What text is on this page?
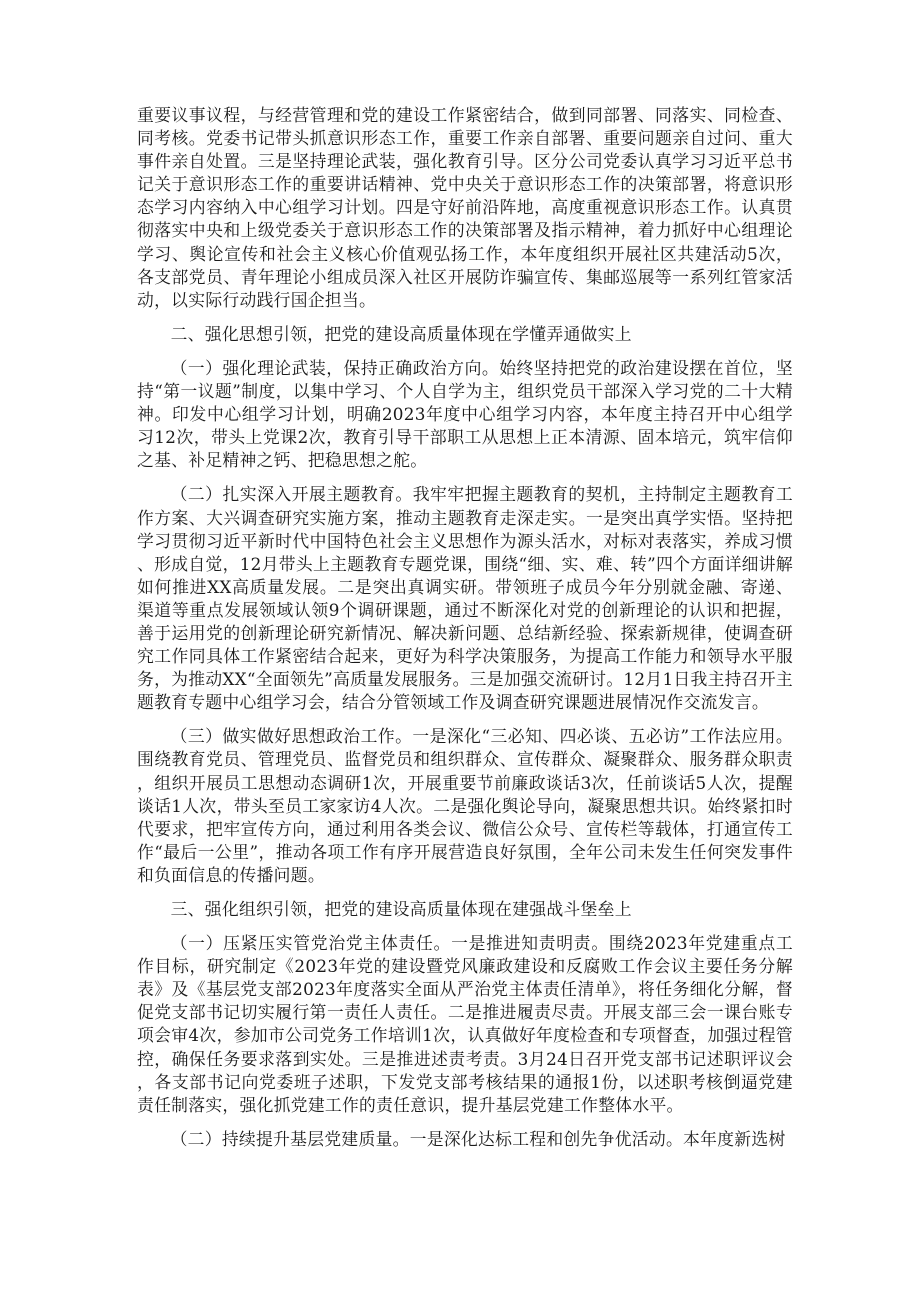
重要议事议程，与经营管理和党的建设工作紧密结合，做到同部署、同落实、同检查、同考核。党委书记带头抓意识形态工作，重要工作亲自部署、重要问题亲自过问、重大事件亲自处置。三是坚持理论武装，强化教育引导。区分公司党委认真学习习近平总书记关于意识形态工作的重要讲话精神、党中央关于意识形态工作的决策部署，将意识形态学习内容纳入中心组学习计划。四是守好前沿阵地，高度重视意识形态工作。认真贯彻落实中央和上级党委关于意识形态工作的决策部署及指示精神，着力抓好中心组理论学习、舆论宣传和社会主义核心价值观弘扬工作，本年度组织开展社区共建活动5次，各支部党员、青年理论小组成员深入社区开展防诈骗宣传、集邮巡展等一系列红管家活动，以实际行动践行国企担当。

二、强化思想引领，把党的建设高质量体现在学懂弄通做实上

（一）强化理论武装，保持正确政治方向。始终坚持把党的政治建设摆在首位，坚持“第一议题”制度，以集中学习、个人自学为主，组织党员干部深入学习党的二十大精神。印发中心组学习计划，明确2023年度中心组学习内容，本年度主持召开中心组学习12次，带头上党课2次，教育引导干部职工从思想上正本清源、固本培元，筑牢信仰之基、补足精神之钙、把稳思想之舵。

（二）扎实深入开展主题教育。我牢牢把握主题教育的契机，主持制定主题教育工作方案、大兴调查研究实施方案，推动主题教育走深走实。一是突出真学实悟。坚持把学习贯彻习近平新时代中国特色社会主义思想作为源头活水，对标对表落实，养成习惯、形成自觉，12月带头上主题教育专题党课，围绕“细、实、难、转”四个方面详细讲解如何推进XX高质量发展。二是突出真调实研。带领班子成员今年分别就金融、寄递、渠道等重点发展领域认领9个调研课题，通过不断深化对党的创新理论的认识和把握，善于运用党的创新理论研究新情况、解决新问题、总结新经验、探索新规律，使调查研究工作同具体工作紧密结合起来，更好为科学决策服务，为提高工作能力和领导水平服务，为推动XX“全面领先”高质量发展服务。三是加强交流研讨。12月1日我主持召开主题教育专题中心组学习会，结合分管领域工作及调查研究课题进展情况作交流发言。

（三）做实做好思想政治工作。一是深化“三必知、四必谈、五必访”工作法应用。围绕教育党员、管理党员、监督党员和组织群众、宣传群众、凝聚群众、服务群众职责，组织开展员工思想动态调研1次，开展重要节前廉政谈话3次，任前谈话5人次，提醒谈话1人次，带头至员工家家访4人次。二是强化舆论导向，凝聚思想共识。始终紧扣时代要求，把牢宣传方向，通过利用各类会议、微信公众号、宣传栏等载体，打通宣传工作“最后一公里”，推动各项工作有序开展营造良好氛围，全年公司未发生任何突发事件和负面信息的传播问题。

三、强化组织引领，把党的建设高质量体现在建强战斗堡垒上

（一）压紧压实管党治党主体责任。一是推进知责明责。围绕2023年党建重点工作目标，研究制定《2023年党的建设暨党风廉政建设和反腐败工作会议主要任务分解表》及《基层党支部2023年度落实全面从严治党主体责任清单》，将任务细化分解，督促党支部书记切实履行第一责任人责任。二是推进履责尽责。开展支部三会一课台账专项会审4次，参加市公司党务工作培训1次，认真做好年度检查和专项督查，加强过程管控，确保任务要求落到实处。三是推进述责考责。3月24日召开党支部书记述职评议会，各支部书记向党委班子述职，下发党支部考核结果的通报1份，以述职考核倒逼党建责任制落实，强化抓党建工作的责任意识，提升基层党建工作整体水平。

（二）持续提升基层党建质量。一是深化达标工程和创先争优活动。本年度新选树
